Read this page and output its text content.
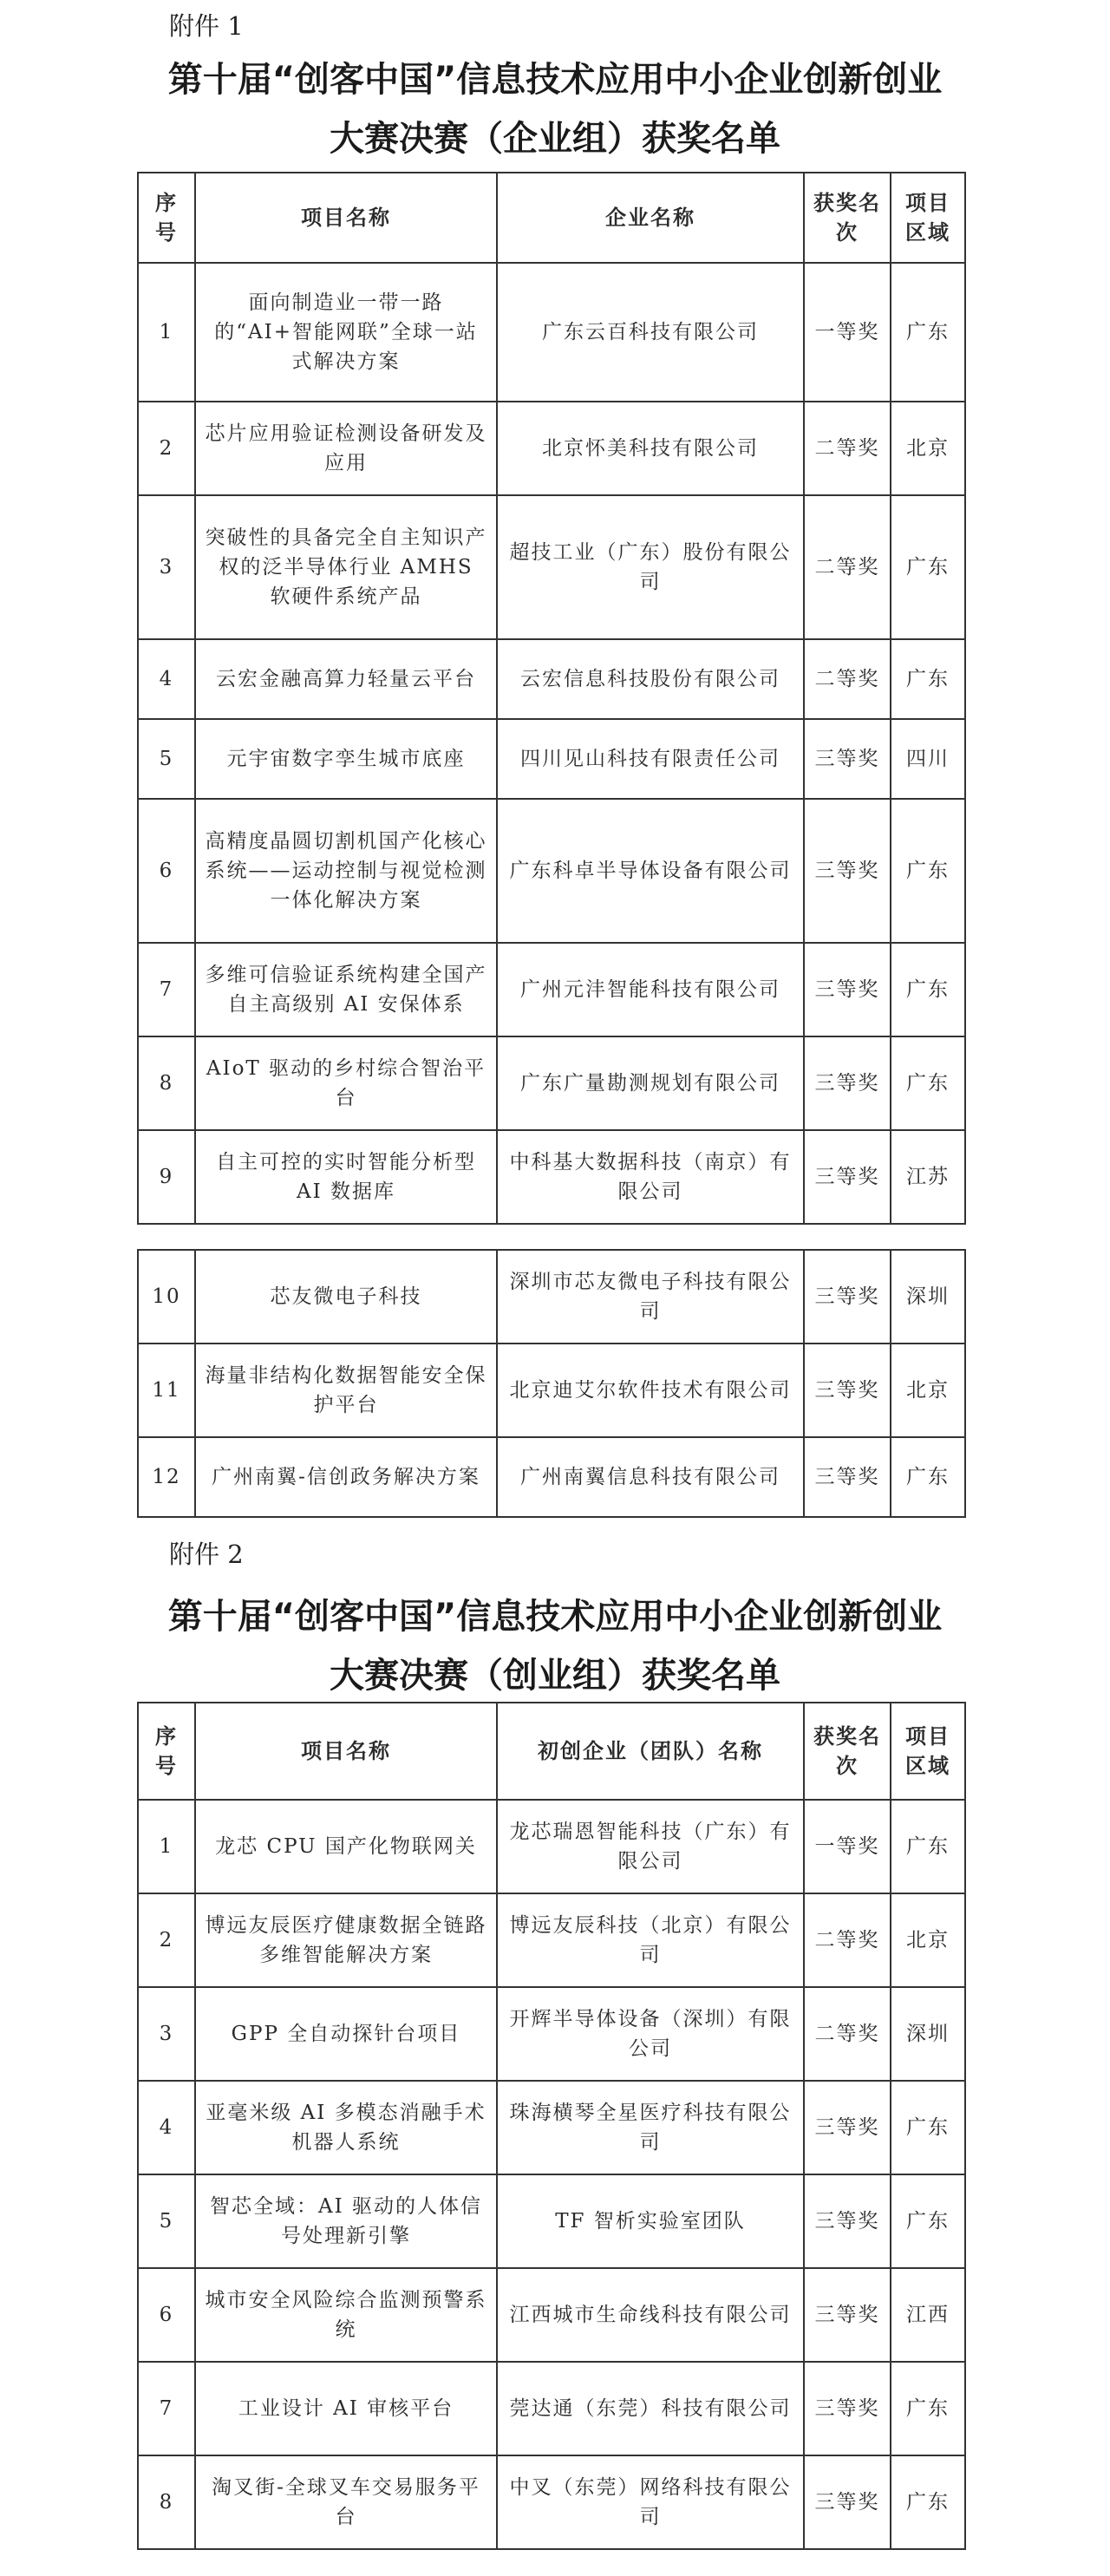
附件 1
第十届“创客中国”信息技术应用中小企业创新创业
大赛决赛（企业组）获奖名单
序号	项目名称	企业名称	获奖名次	项目区域
1	面向制造业一带一路的“AI+智能网联”全球一站式解决方案	广东云百科技有限公司	一等奖	广东
2	芯片应用验证检测设备研发及应用	北京怀美科技有限公司	二等奖	北京
3	突破性的具备完全自主知识产权的泛半导体行业 AMHS 软硬件系统产品	超技工业（广东）股份有限公司	二等奖	广东
4	云宏金融高算力轻量云平台	云宏信息科技股份有限公司	二等奖	广东
5	元宇宙数字孪生城市底座	四川见山科技有限责任公司	三等奖	四川
6	高精度晶圆切割机国产化核心系统——运动控制与视觉检测一体化解决方案	广东科卓半导体设备有限公司	三等奖	广东
7	多维可信验证系统构建全国产自主高级别 AI 安保体系	广州元沣智能科技有限公司	三等奖	广东
8	AIoT 驱动的乡村综合智治平台	广东广量勘测规划有限公司	三等奖	广东
9	自主可控的实时智能分析型 AI 数据库	中科基大数据科技（南京）有限公司	三等奖	江苏
10	芯友微电子科技	深圳市芯友微电子科技有限公司	三等奖	深圳
11	海量非结构化数据智能安全保护平台	北京迪艾尔软件技术有限公司	三等奖	北京
12	广州南翼-信创政务解决方案	广州南翼信息科技有限公司	三等奖	广东
附件 2
第十届“创客中国”信息技术应用中小企业创新创业
大赛决赛（创业组）获奖名单
序号	项目名称	初创企业（团队）名称	获奖名次	项目区域
1	龙芯 CPU 国产化物联网关	龙芯瑞恩智能科技（广东）有限公司	一等奖	广东
2	博远友辰医疗健康数据全链路多维智能解决方案	博远友辰科技（北京）有限公司	二等奖	北京
3	GPP 全自动探针台项目	开辉半导体设备（深圳）有限公司	二等奖	深圳
4	亚毫米级 AI 多模态消融手术机器人系统	珠海横琴全星医疗科技有限公司	三等奖	广东
5	智芯全域：AI 驱动的人体信号处理新引擎	TF 智析实验室团队	三等奖	广东
6	城市安全风险综合监测预警系统	江西城市生命线科技有限公司	三等奖	江西
7	工业设计 AI 审核平台	莞达通（东莞）科技有限公司	三等奖	广东
8	淘叉街-全球叉车交易服务平台	中叉（东莞）网络科技有限公司	三等奖	广东
